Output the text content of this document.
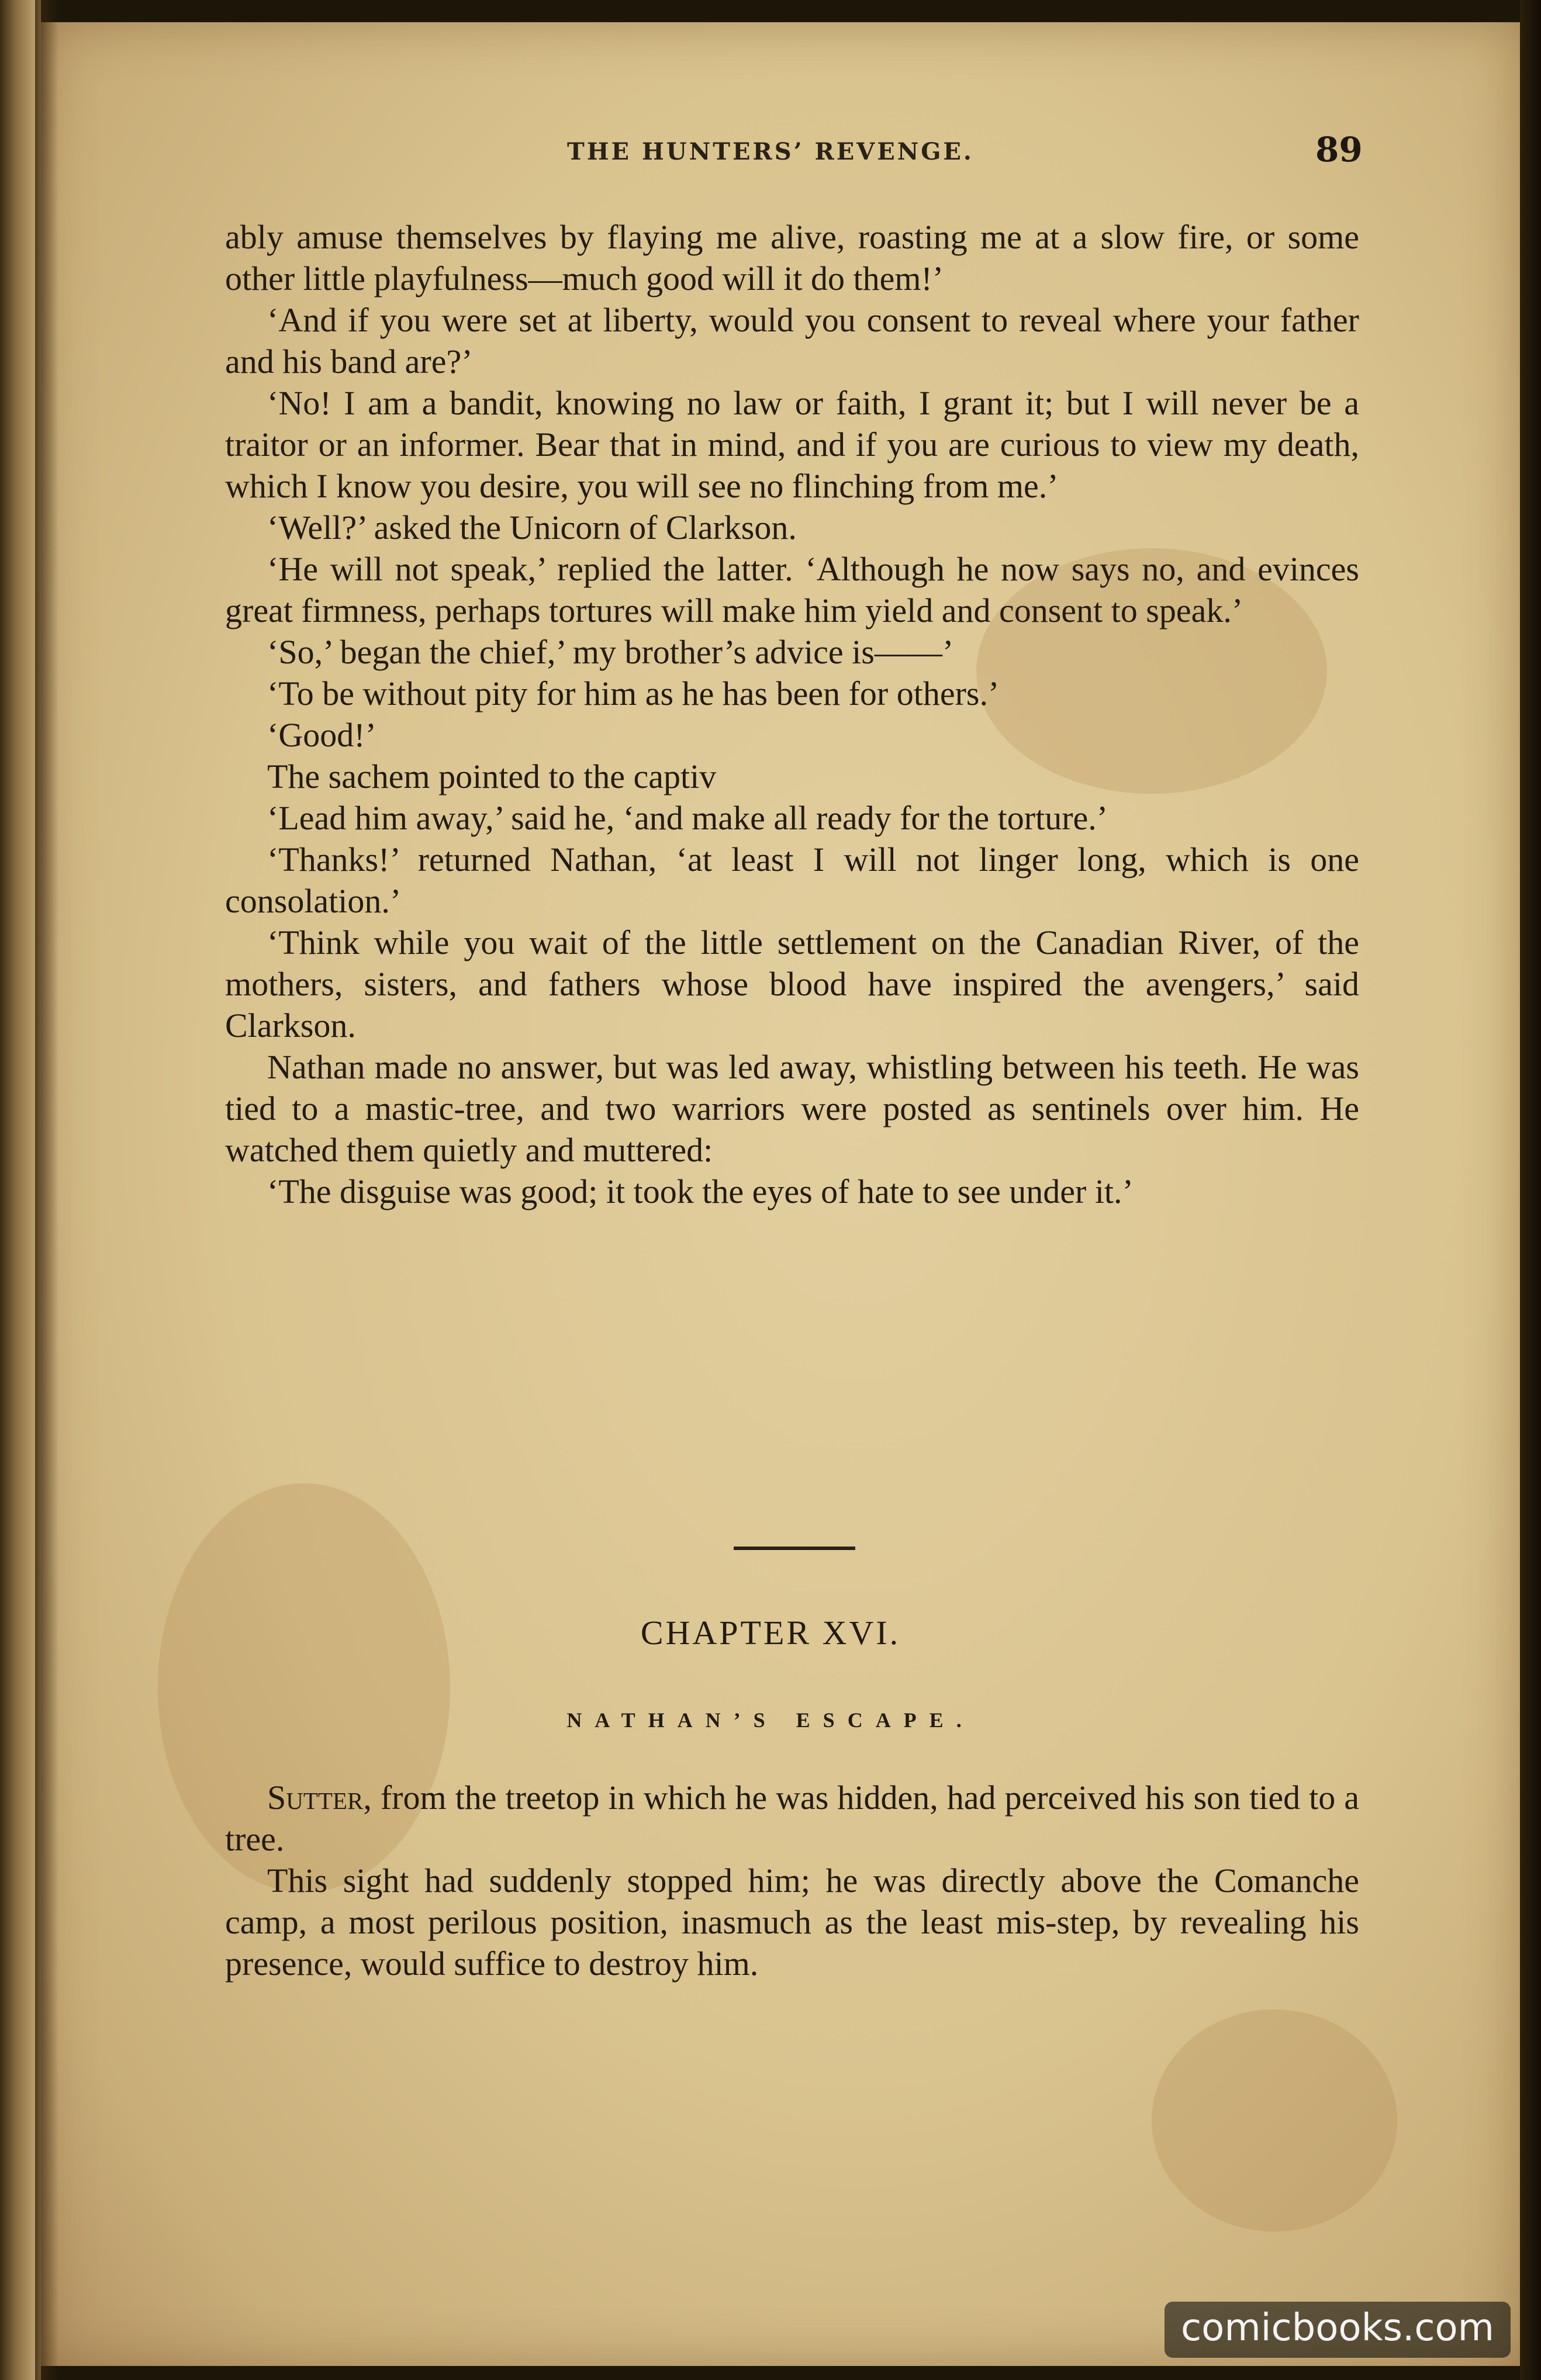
THE HUNTERS’ REVENGE.	89

ably amuse themselves by flaying me alive, roasting me at a slow fire, or some other little playfulness—much good will it do them!’

‘And if you were set at liberty, would you consent to reveal where your father and his band are?’

‘No! I am a bandit, knowing no law or faith, I grant it; but I will never be a traitor or an informer. Bear that in mind, and if you are curious to view my death, which I know you desire, you will see no flinching from me.’

‘Well?’ asked the Unicorn of Clarkson.

‘He will not speak,’ replied the latter. ‘Although he now says no, and evinces great firmness, perhaps tortures will make him yield and consent to speak.’

‘So,’ began the chief,’ my brother’s advice is——’

‘To be without pity for him as he has been for others.’

‘Good!’

The sachem pointed to the captiv

‘Lead him away,’ said he, ‘and make all ready for the torture.’

‘Thanks!’ returned Nathan, ‘at least I will not linger long, which is one consolation.’

‘Think while you wait of the little settlement on the Canadian River, of the mothers, sisters, and fathers whose blood have inspired the avengers,’ said Clarkson.

Nathan made no answer, but was led away, whistling between his teeth. He was tied to a mastic-tree, and two warriors were posted as sentinels over him. He watched them quietly and muttered:

‘The disguise was good; it took the eyes of hate to see under it.’

CHAPTER XVI.
NATHAN’S ESCAPE.

Sutter, from the treetop in which he was hidden, had perceived his son tied to a tree.

This sight had suddenly stopped him; he was directly above the Comanche camp, a most perilous position, inasmuch as the least mis-step, by revealing his presence, would suffice to destroy him.

comicbooks.com
